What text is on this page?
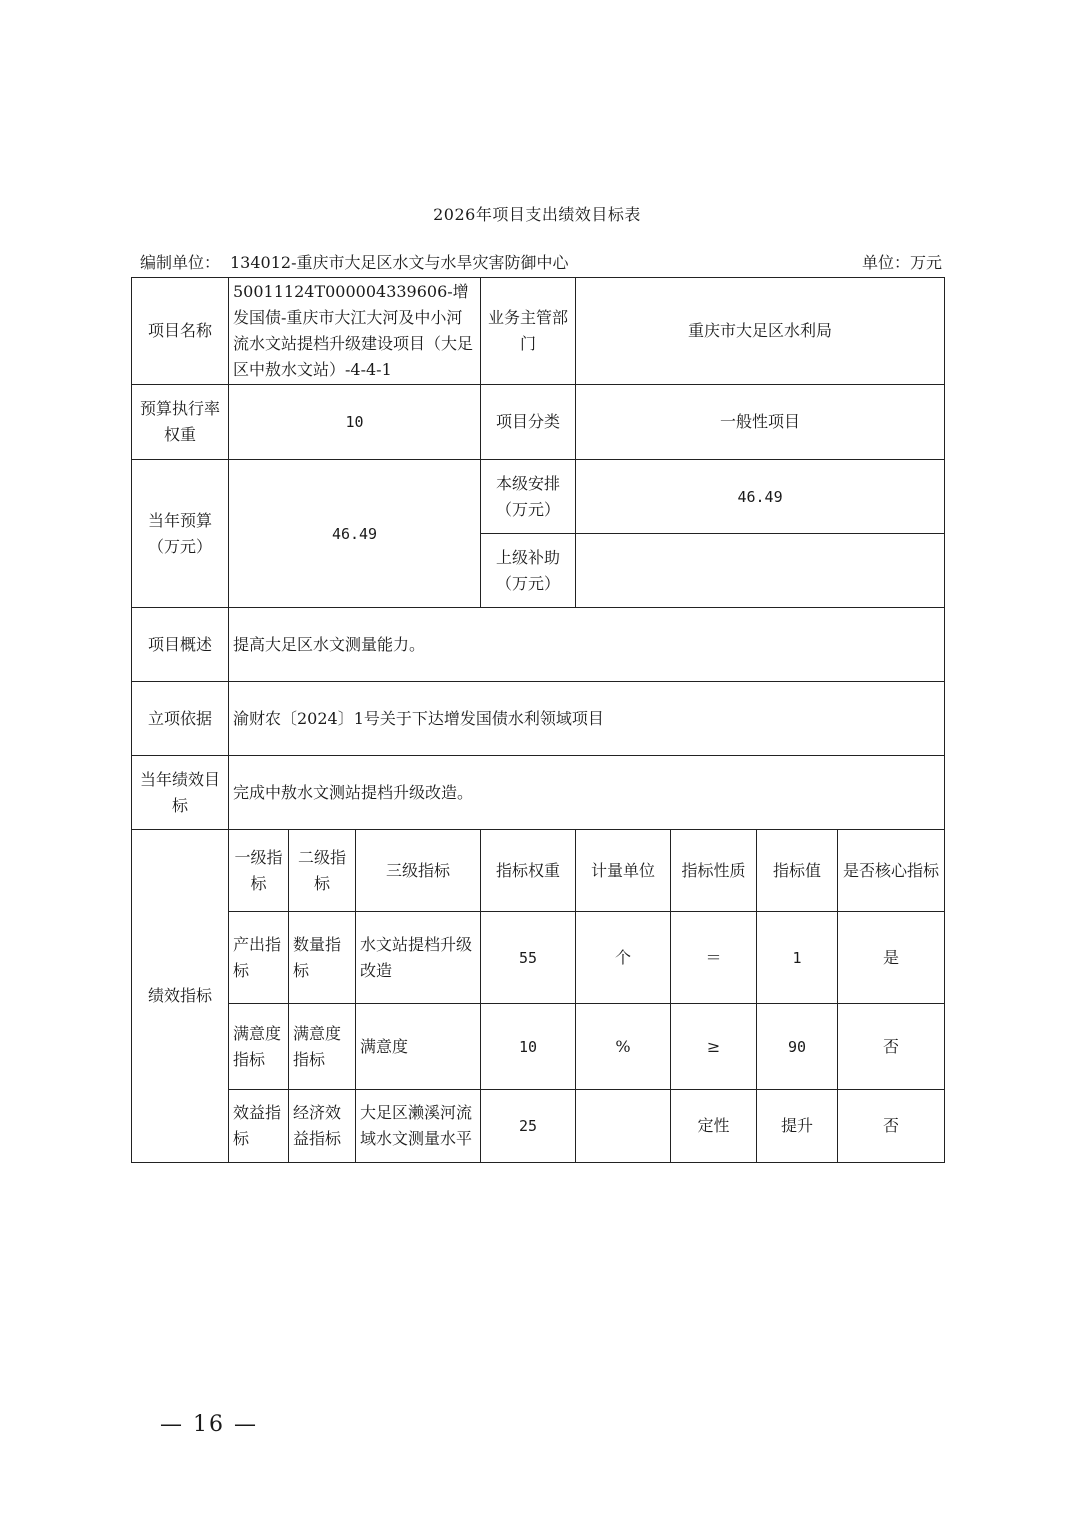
2026年项目支出绩效目标表
编制单位： 134012-重庆市大足区水文与水旱灾害防御中心	单位：万元
项目名称	50011124T000004339606-增发国债-重庆市大江大河及中小河流水文站提档升级建设项目（大足区中敖水文站）-4-4-1			业务主管部门	重庆市大足区水利局			
预算执行率权重	10			项目分类	一般性项目			
当年预算（万元）	46.49			本级安排（万元）	46.49			
				上级补助（万元）				
项目概述	提高大足区水文测量能力。							
立项依据	渝财农〔2024〕1号关于下达增发国债水利领域项目							
当年绩效目标	完成中敖水文测站提档升级改造。							
绩效指标	一级指标	二级指标	三级指标	指标权重	计量单位	指标性质	指标值	是否核心指标
	产出指标	数量指标	水文站提档升级改造	55	个	＝	1	是
	满意度指标	满意度指标	满意度	10	%	≥	90	否
	效益指标	经济效益指标	大足区濑溪河流域水文测量水平	25		定性	提升	否
— 16 —
